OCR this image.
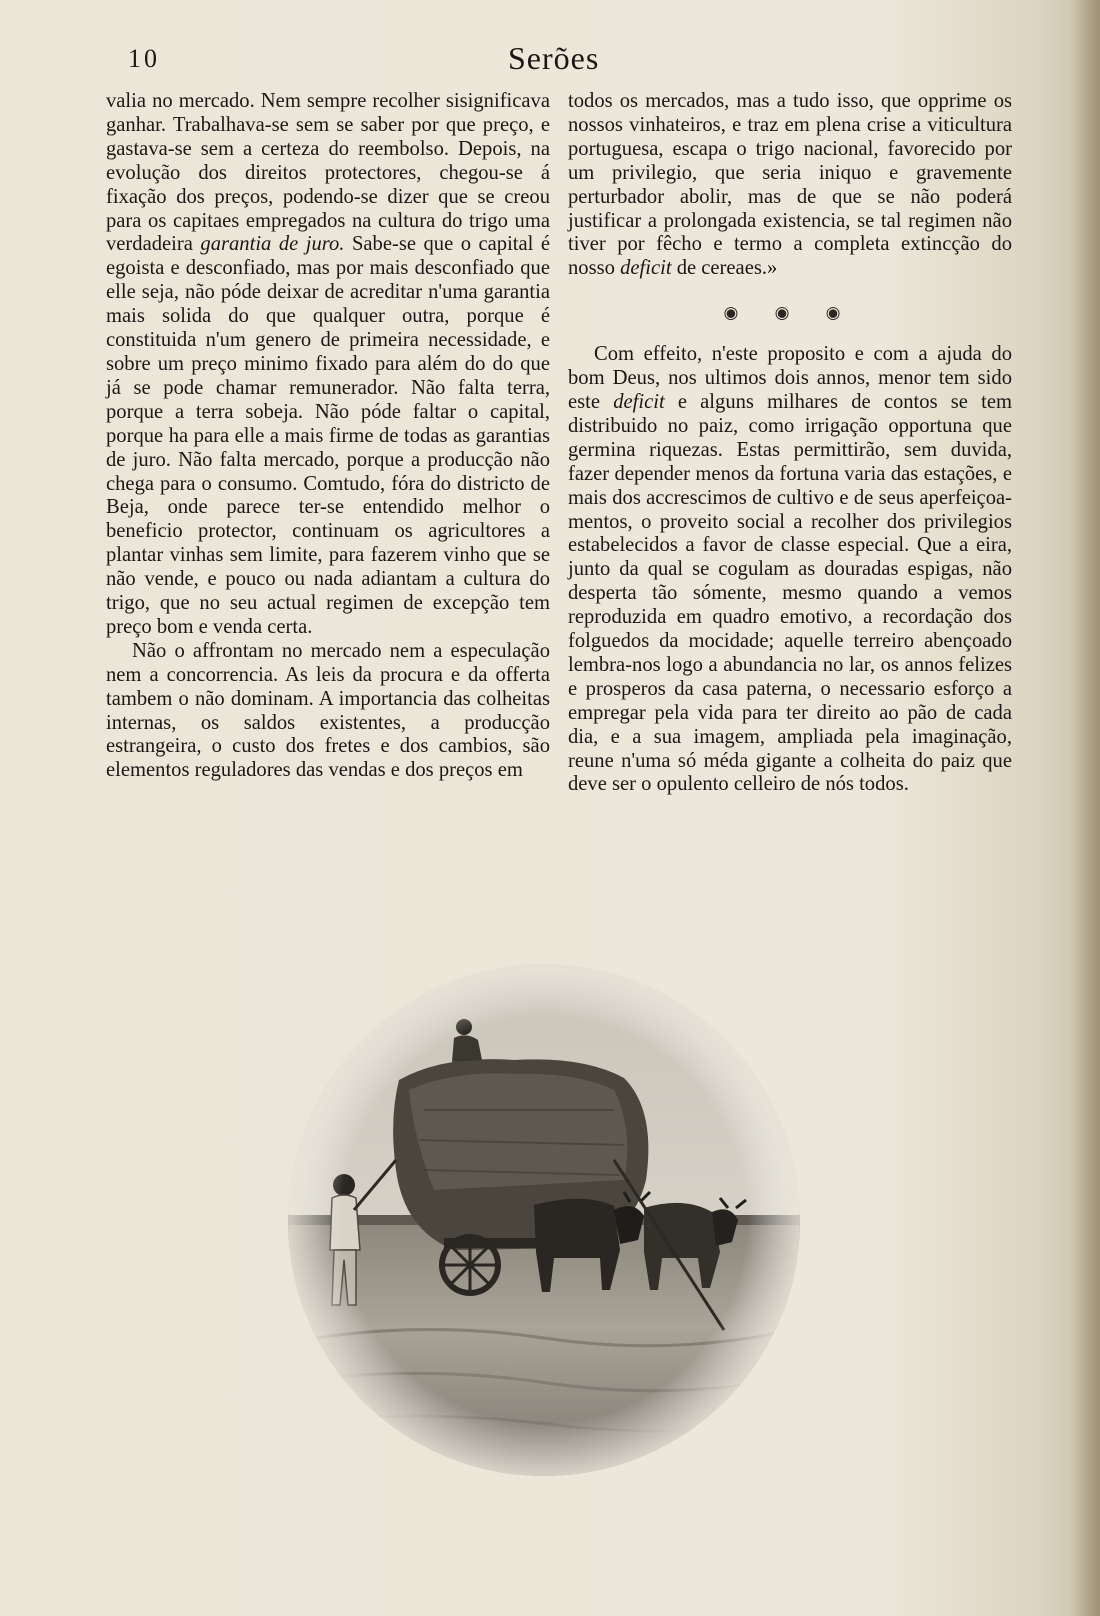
10	Serões

valia no mercado. Nem sempre recolher sisignificava ganhar. Trabalhava-se sem se saber por que preço, e gastava-se sem a certeza do reembolso. Depois, na evolução dos direitos protectores, chegou-se á fixação dos preços, podendo-se dizer que se creou para os capitaes empregados na cultura do trigo uma verdadeira garantia de juro. Sabe-se que o capital é egoista e desconfiado, mas por mais desconfiado que elle seja, não póde deixar de acreditar n'uma garantia mais solida do que qualquer outra, porque é constituida n'um genero de primeira necessidade, e sobre um preço minimo fixado para além do do que já se pode chamar remunerador. Não falta terra, porque a terra sobeja. Não póde faltar o capital, porque ha para elle a mais firme de todas as garantias de juro. Não falta mercado, porque a producção não chega para o consumo. Comtudo, fóra do districto de Beja, onde parece ter-se entendido melhor o beneficio protector, continuam os agricultores a plantar vinhas sem limite, para fazerem vinho que se não vende, e pouco ou nada adiantam a cultura do trigo, que no seu actual regimen de excepção tem preço bom e venda certa.

Não o affrontam no mercado nem a especulação nem a concorrencia. As leis da procura e da offerta tambem o não dominam. A importancia das colheitas internas, os saldos existentes, a producção estrangeira, o custo dos fretes e dos cambios, são elementos reguladores das vendas e dos preços em

todos os mercados, mas a tudo isso, que opprime os nossos vinhateiros, e traz em plena crise a viticultura portuguesa, escapa o trigo nacional, favorecido por um privilegio, que seria iniquo e gravemente perturbador abolir, mas de que se não poderá justificar a prolongada existencia, se tal regimen não tiver por fêcho e termo a completa extincção do nosso deficit de cereaes.»

◉ ◉ ◉

Com effeito, n'este proposito e com a ajuda do bom Deus, nos ultimos dois annos, menor tem sido este deficit e alguns milhares de contos se tem distribuido no paiz, como irrigação opportuna que germina riquezas. Estas permittirão, sem duvida, fazer depender menos da fortuna varia das estações, e mais dos accrescimos de cultivo e de seus aperfeiçoamentos, o proveito social a recolher dos privilegios estabelecidos a favor de classe especial. Que a eira, junto da qual se cogulam as douradas espigas, não desperta tão sómente, mesmo quando a vemos reproduzida em quadro emotivo, a recordação dos folguedos da mocidade; aquelle terreiro abençoado lembra-nos logo a abundancia no lar, os annos felizes e prosperos da casa paterna, o necessario esforço a empregar pela vida para ter direito ao pão de cada dia, e a sua imagem, ampliada pela imaginação, reune n'uma só méda gigante a colheita do paiz que deve ser o opulento celleiro de nós todos.
